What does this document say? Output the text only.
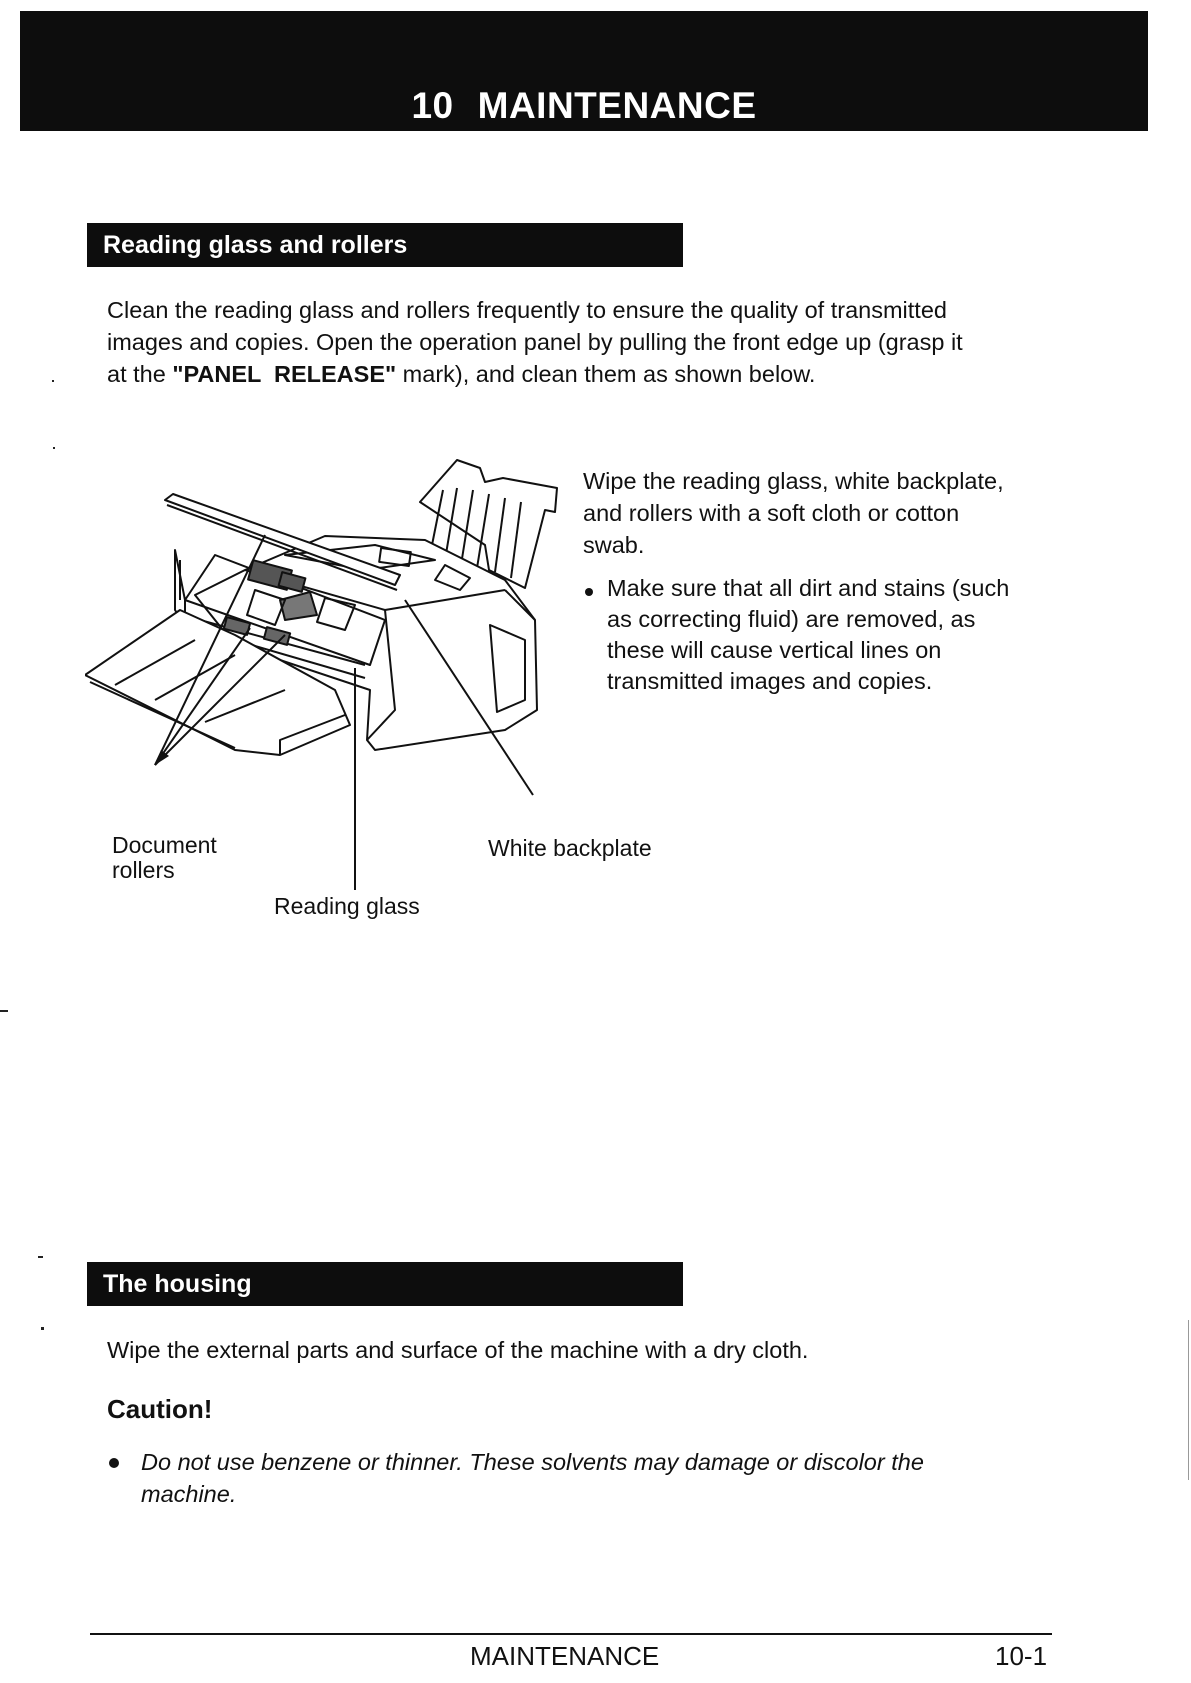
10 MAINTENANCE
Reading glass and rollers
Clean the reading glass and rollers frequently to ensure the quality of transmitted
images and copies. Open the operation panel by pulling the front edge up (grasp it
at the "PANEL  RELEASE" mark), and clean them as shown below.
Wipe the reading glass, white backplate,
and rollers with a soft cloth or cotton
swab.
Make sure that all dirt and stains (such
as correcting fluid) are removed, as
these will cause vertical lines on
transmitted images and copies.
Document
rollers
White backplate
Reading glass
The housing
Wipe the external parts and surface of the machine with a dry cloth.
Caution!
Do not use benzene or thinner. These solvents may damage or discolor the
machine.
MAINTENANCE	10-1
